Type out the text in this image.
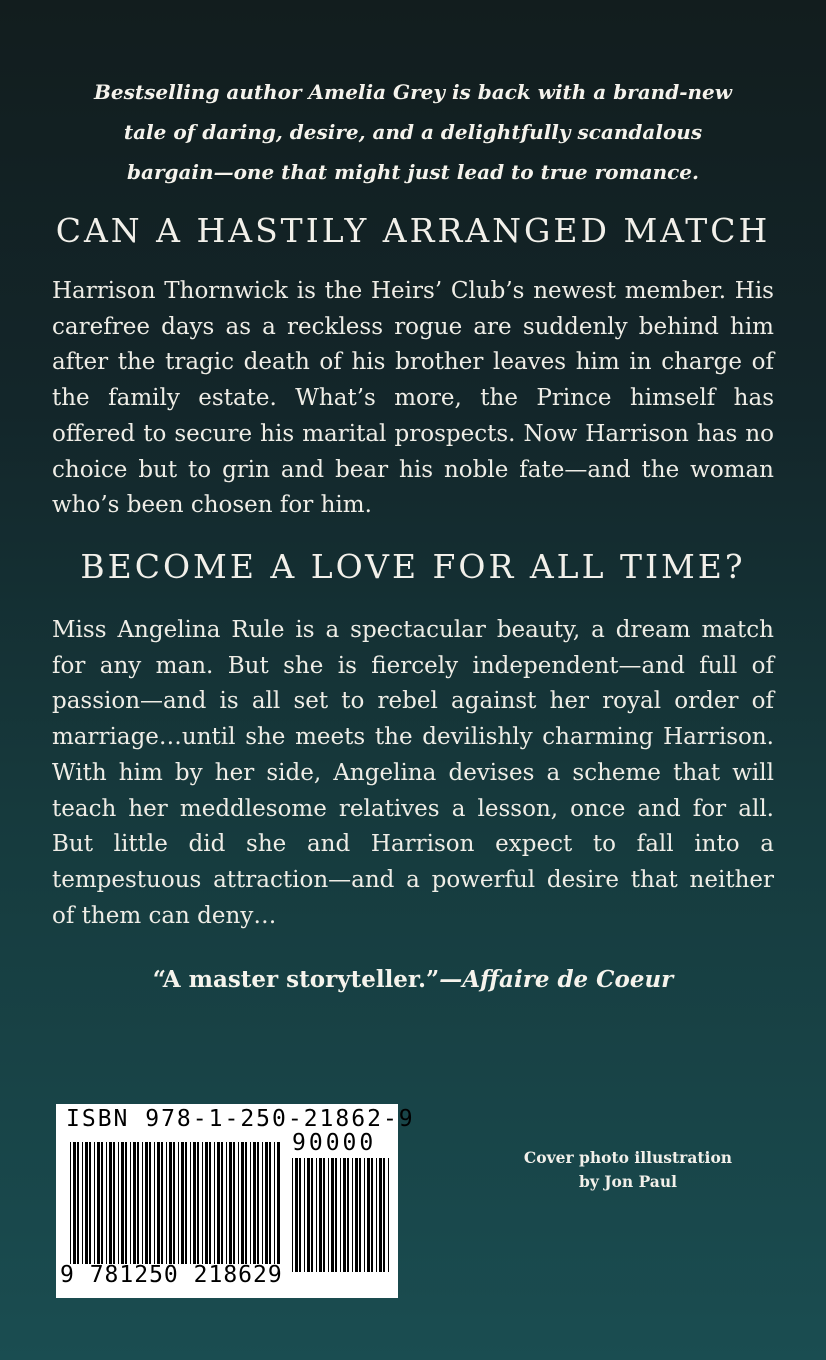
Bestselling author Amelia Grey is back with a brand-new tale of daring, desire, and a delightfully scandalous bargain—one that might just lead to true romance.

CAN A HASTILY ARRANGED MATCH

Harrison Thornwick is the Heirs’ Club’s newest member. His carefree days as a reckless rogue are suddenly behind him after the tragic death of his brother leaves him in charge of the family estate. What’s more, the Prince himself has offered to secure his marital prospects. Now Harrison has no choice but to grin and bear his noble fate—and the woman who’s been chosen for him.

BECOME A LOVE FOR ALL TIME?

Miss Angelina Rule is a spectacular beauty, a dream match for any man. But she is fiercely independent—and full of passion—and is all set to rebel against her royal order of marriage…until she meets the devilishly charming Harrison. With him by her side, Angelina devises a scheme that will teach her meddlesome relatives a lesson, once and for all. But little did she and Harrison expect to fall into a tempestuous attraction—and a powerful desire that neither of them can deny…

“A master storyteller.”—Affaire de Coeur

ISBN 978-1-250-21862-9
90000
9 781250 218629

Cover photo illustration
by Jon Paul
